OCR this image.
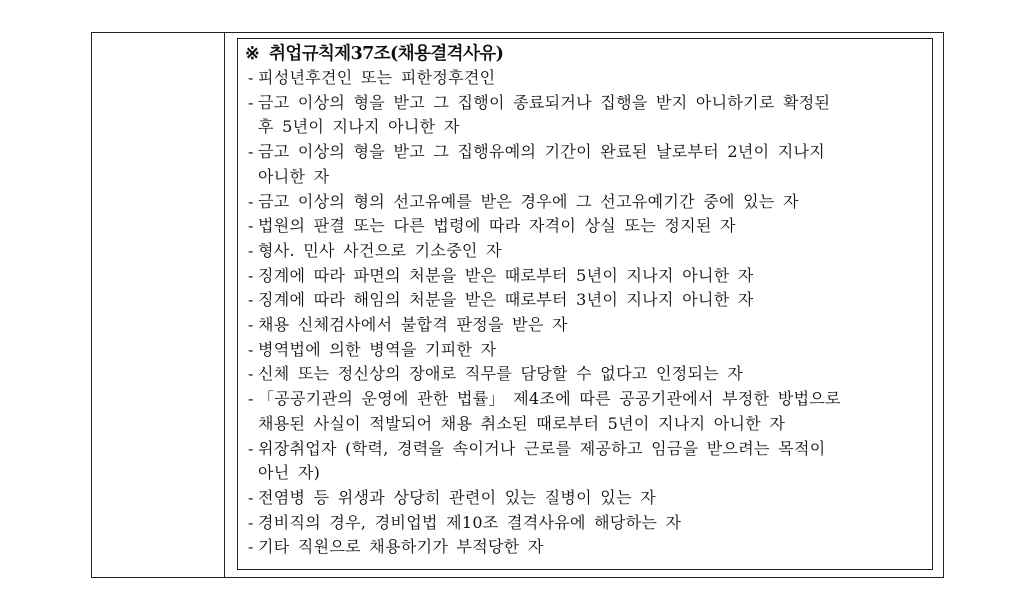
※ 취업규칙제37조(채용결격사유)
- 피성년후견인 또는 피한정후견인
- 금고 이상의 형을 받고 그 집행이 종료되거나 집행을 받지 아니하기로 확정된
후 5년이 지나지 아니한 자
- 금고 이상의 형을 받고 그 집행유예의 기간이 완료된 날로부터 2년이 지나지
아니한 자
- 금고 이상의 형의 선고유예를 받은 경우에 그 선고유예기간 중에 있는 자
- 법원의 판결 또는 다른 법령에 따라 자격이 상실 또는 정지된 자
- 형사. 민사 사건으로 기소중인 자
- 징계에 따라 파면의 처분을 받은 때로부터 5년이 지나지 아니한 자
- 징계에 따라 해임의 처분을 받은 때로부터 3년이 지나지 아니한 자
- 채용 신체검사에서 불합격 판정을 받은 자
- 병역법에 의한 병역을 기피한 자
- 신체 또는 정신상의 장애로 직무를 담당할 수 없다고 인정되는 자
- 「공공기관의 운영에 관한 법률」 제4조에 따른 공공기관에서 부정한 방법으로
채용된 사실이 적발되어 채용 취소된 때로부터 5년이 지나지 아니한 자
- 위장취업자 (학력, 경력을 속이거나 근로를 제공하고 임금을 받으려는 목적이
아닌 자)
- 전염병 등 위생과 상당히 관련이 있는 질병이 있는 자
- 경비직의 경우, 경비업법 제10조 결격사유에 해당하는 자
- 기타 직원으로 채용하기가 부적당한 자
